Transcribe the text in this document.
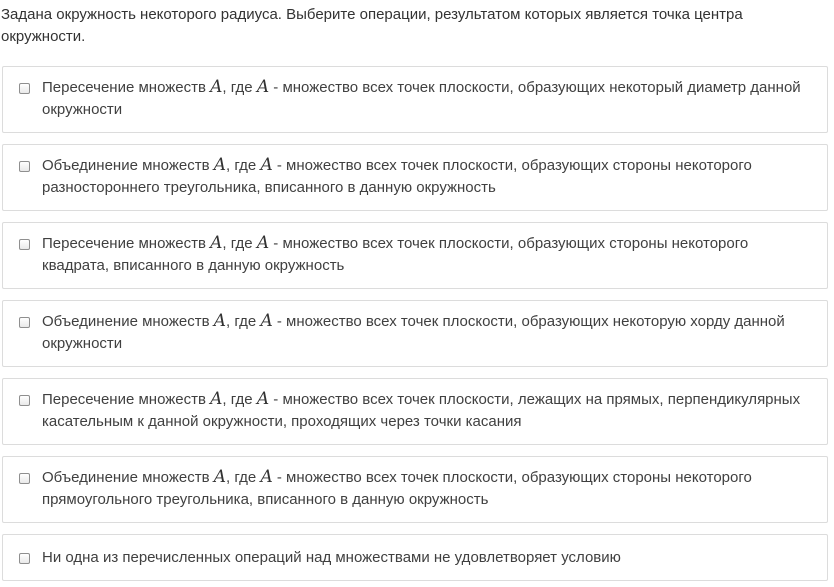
Задана окружность некоторого радиуса. Выберите операции, результатом которых является точка центра окружности.
Пересечение множеств A, где A - множество всех точек плоскости, образующих некоторый диаметр данной окружности
Объединение множеств A, где A - множество всех точек плоскости, образующих стороны некоторого разностороннего треугольника, вписанного в данную окружность
Пересечение множеств A, где A - множество всех точек плоскости, образующих стороны некоторого квадрата, вписанного в данную окружность
Объединение множеств A, где A - множество всех точек плоскости, образующих некоторую хорду данной окружности
Пересечение множеств A, где A - множество всех точек плоскости, лежащих на прямых, перпендикулярных касательным к данной окружности, проходящих через точки касания
Объединение множеств A, где A - множество всех точек плоскости, образующих стороны некоторого прямоугольного треугольника, вписанного в данную окружность
Ни одна из перечисленных операций над множествами не удовлетворяет условию
